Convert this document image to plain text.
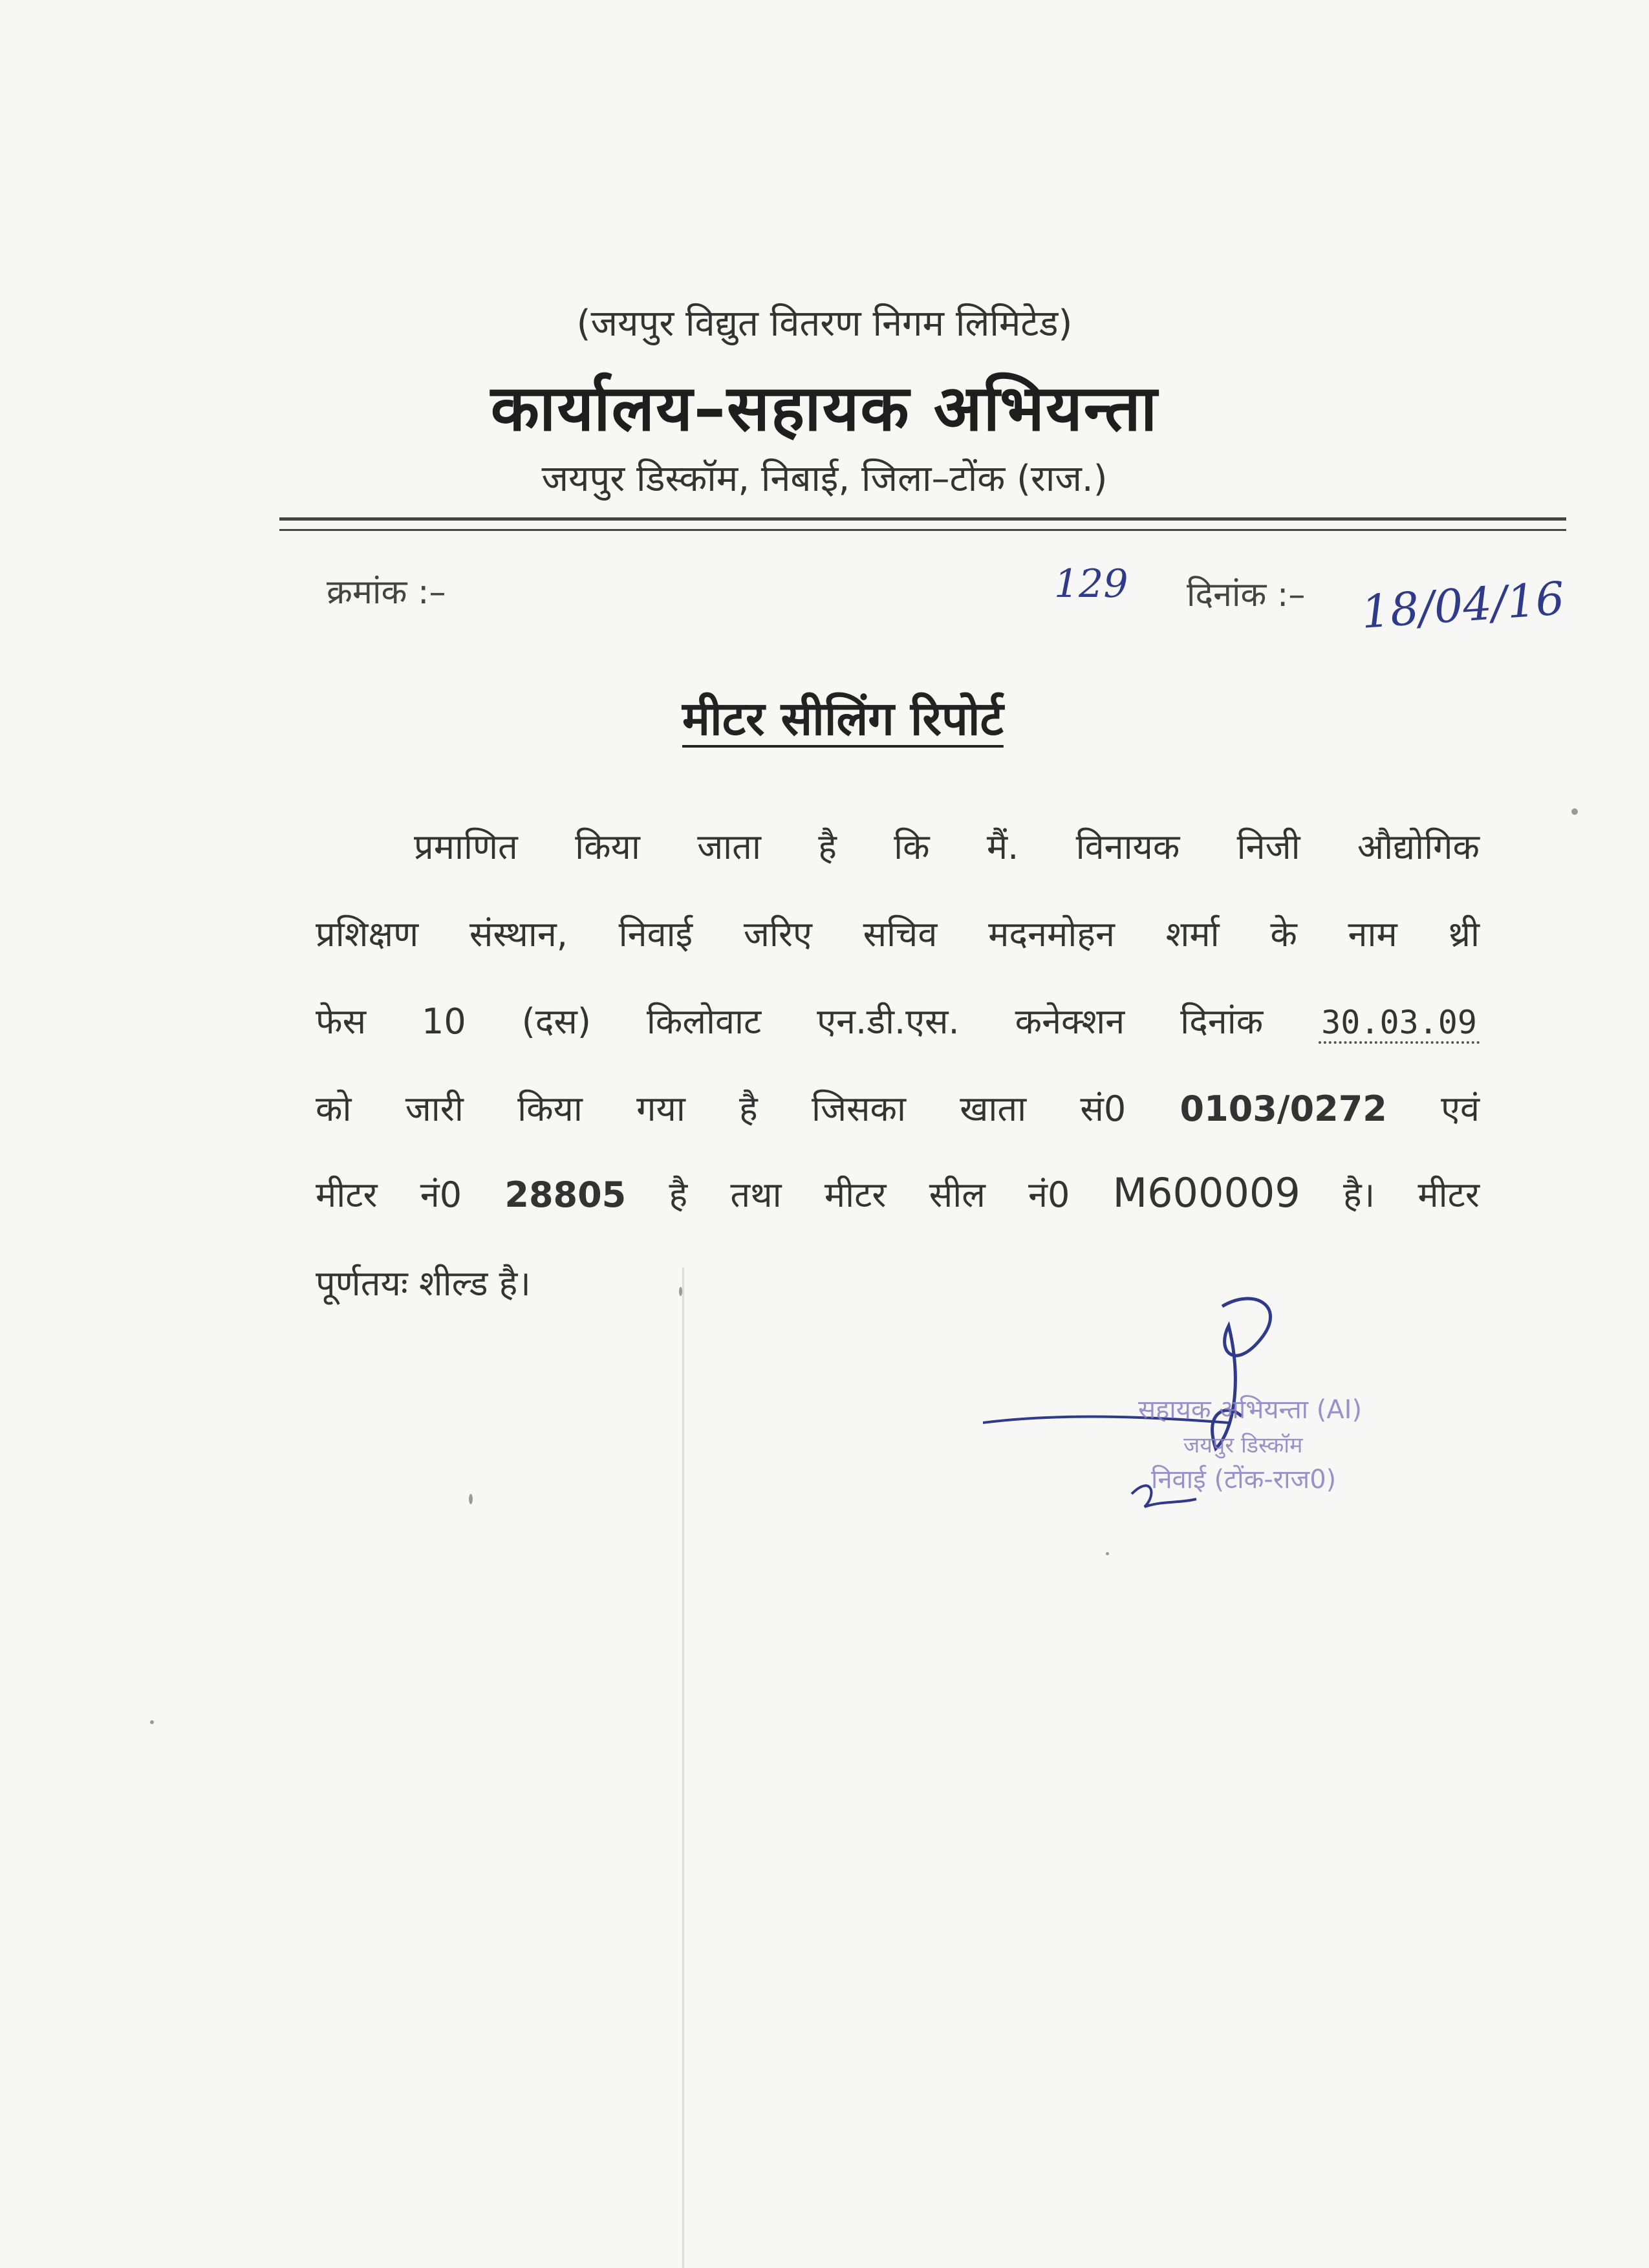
(जयपुर विद्युत वितरण निगम लिमिटेड)
कार्यालय–सहायक अभियन्ता
जयपुर डिस्कॉम, निबाई, जिला–टोंक (राज.)
क्रमांक :–	129 दिनांक :– 18/04/16
मीटर सीलिंग रिपोर्ट
प्रमाणित किया जाता है कि मैं. विनायक निजी औद्योगिक
प्रशिक्षण संस्थान, निवाई जरिए सचिव मदनमोहन शर्मा के नाम थ्री
फेस 10 (दस) किलोवाट एन.डी.एस. कनेक्शन दिनांक 30.03.09
को जारी किया गया है जिसका खाता सं0 0103/0272 एवं
मीटर नं0 28805 है तथा मीटर सील नं0 M600009 है। मीटर
पूर्णतयः शील्ड है।
सहायक अभियन्ता (AI)
जयपुर डिस्कॉम
निवाई (टोंक-राज0)
